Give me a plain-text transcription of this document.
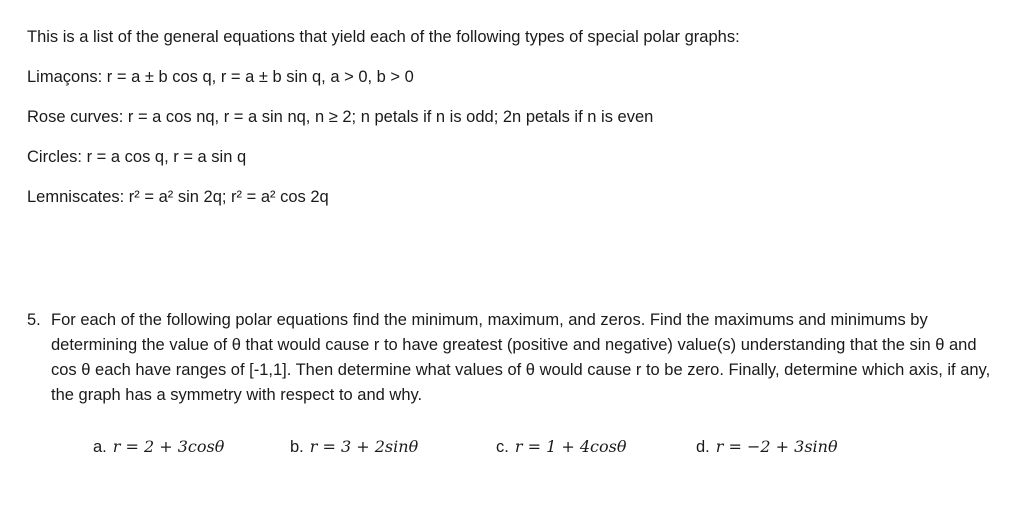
This is a list of the general equations that yield each of the following types of special polar graphs:
Limaçons: r = a ± b cos q, r = a ± b sin q, a > 0, b > 0
Rose curves: r = a cos nq, r = a sin nq, n ≥ 2; n petals if n is odd; 2n petals if n is even
Circles: r = a cos q, r = a sin q
Lemniscates: r² = a² sin 2q; r² = a² cos 2q
5. For each of the following polar equations find the minimum, maximum, and zeros. Find the maximums and minimums by determining the value of θ that would cause r to have greatest (positive and negative) value(s) understanding that the sin θ and cos θ each have ranges of [-1,1]. Then determine what values of θ would cause r to be zero. Finally, determine which axis, if any, the graph has a symmetry with respect to and why.
a. r = 2 + 3cosθ	b. r = 3 + 2sinθ	c. r = 1 + 4cosθ	d. r = −2 + 3sinθ
